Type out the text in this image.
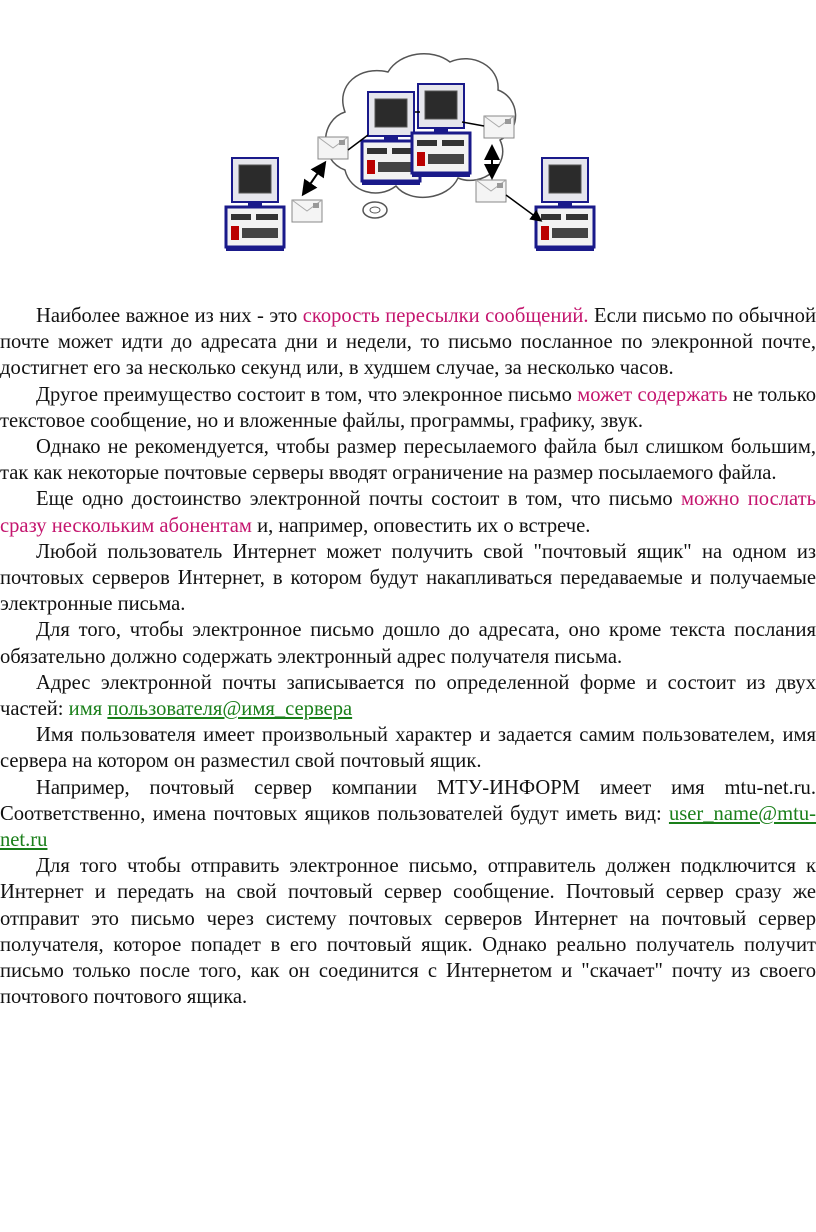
Наиболее важное из них - это скорость пересылки сообщений. Если письмо по обычной почте может идти до адресата дни и недели, то письмо посланное по элекронной почте, достигнет его за несколько секунд или, в худшем случае, за несколько часов.

Другое преимущество состоит в том, что элекронное письмо может содержать не только текстовое сообщение, но и вложенные файлы, программы, графику, звук.

Однако не рекомендуется, чтобы размер пересылаемого файла был слишком большим, так как некоторые почтовые серверы вводят ограничение на размер посылаемого файла.

Еще одно достоинство электронной почты состоит в том, что письмо можно послать сразу нескольким абонентам и, например, оповестить их о встрече.

Любой пользователь Интернет может получить свой "почтовый ящик" на одном из почтовых серверов Интернет, в котором будут накапливаться передаваемые и получаемые электронные письма.

Для того, чтобы электронное письмо дошло до адресата, оно кроме текста послания обязательно должно содержать электронный адрес получателя письма.

Адрес электронной почты записывается по определенной форме и состоит из двух частей: имя пользователя@имя_сервера

Имя пользователя имеет произвольный характер и задается самим пользователем, имя сервера на котором он разместил свой почтовый ящик.

Например, почтовый сервер компании МТУ-ИНФОРМ имеет имя mtu-net.ru. Соответственно, имена почтовых ящиков пользователей будут иметь вид: user_name@mtu-net.ru

Для того чтобы отправить электронное письмо, отправитель должен подключится к Интернет и передать на свой почтовый сервер сообщение. Почтовый сервер сразу же отправит это письмо через систему почтовых серверов Интернет на почтовый сервер получателя, которое попадет в его почтовый ящик. Однако реально получатель получит письмо только после того, как он соединится с Интернетом и "скачает" почту из своего почтового почтового ящика.
